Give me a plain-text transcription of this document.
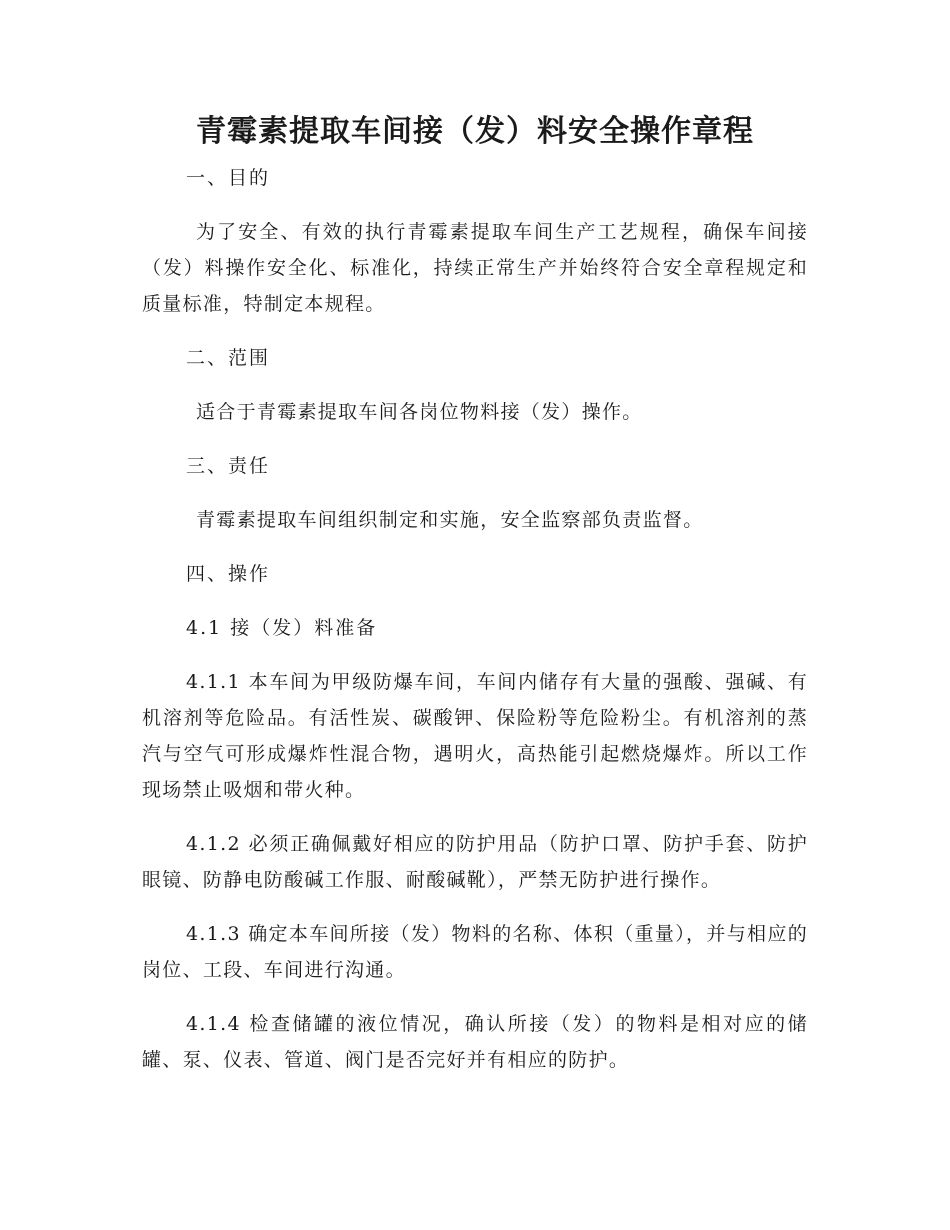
青霉素提取车间接（发）料安全操作章程

一、目的

为了安全、有效的执行青霉素提取车间生产工艺规程，确保车间接（发）料操作安全化、标准化，持续正常生产并始终符合安全章程规定和质量标准，特制定本规程。

二、范围

适合于青霉素提取车间各岗位物料接（发）操作。

三、责任

青霉素提取车间组织制定和实施，安全监察部负责监督。

四、操作

4.1 接（发）料准备

4.1.1 本车间为甲级防爆车间，车间内储存有大量的强酸、强碱、有机溶剂等危险品。有活性炭、碳酸钾、保险粉等危险粉尘。有机溶剂的蒸汽与空气可形成爆炸性混合物，遇明火，高热能引起燃烧爆炸。所以工作现场禁止吸烟和带火种。

4.1.2 必须正确佩戴好相应的防护用品（防护口罩、防护手套、防护眼镜、防静电防酸碱工作服、耐酸碱靴），严禁无防护进行操作。

4.1.3 确定本车间所接（发）物料的名称、体积（重量），并与相应的岗位、工段、车间进行沟通。

4.1.4 检查储罐的液位情况，确认所接（发）的物料是相对应的储罐、泵、仪表、管道、阀门是否完好并有相应的防护。
